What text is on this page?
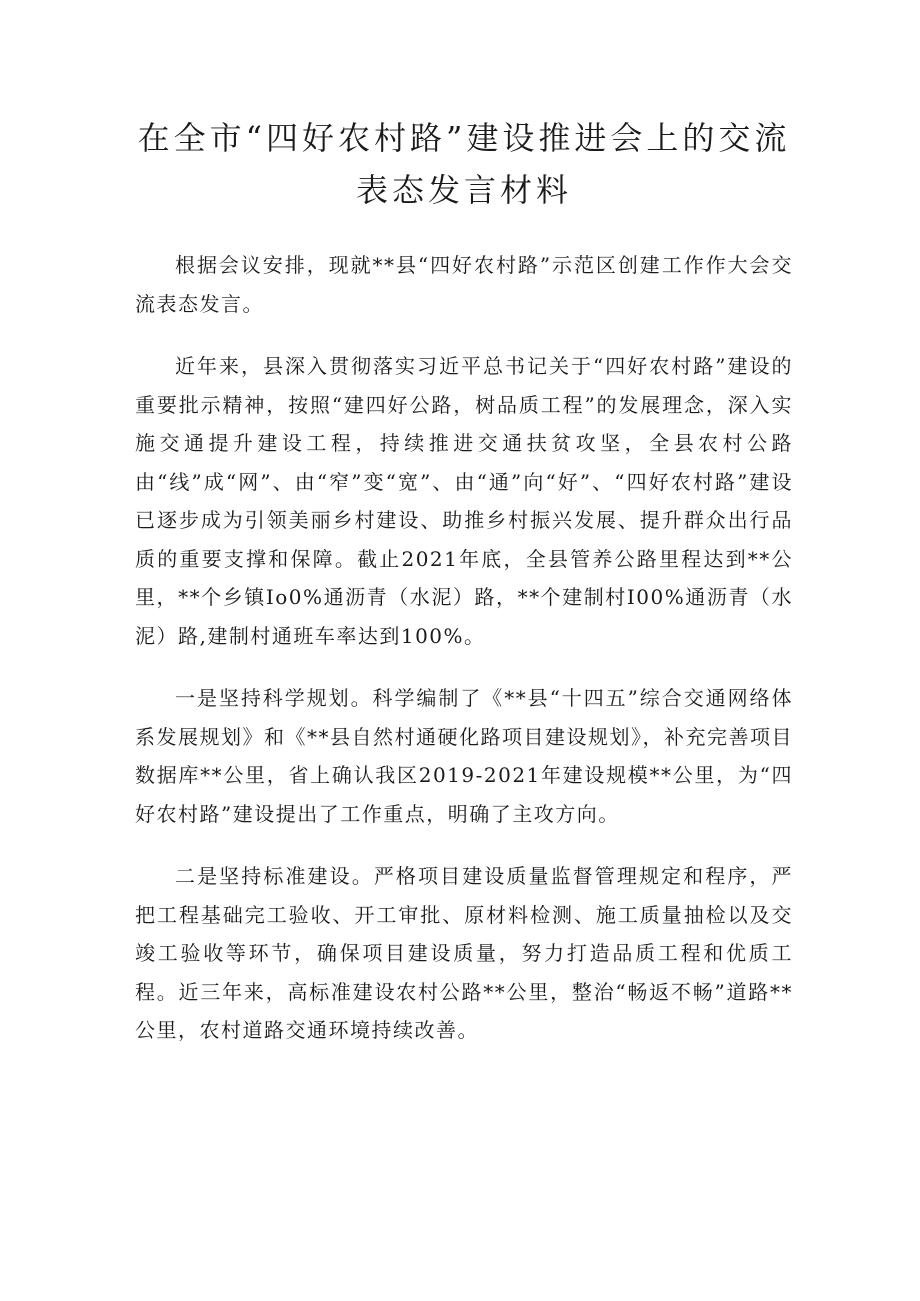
在全市“四好农村路”建设推进会上的交流
表态发言材料

根据会议安排，现就**县“四好农村路”示范区创建工作作大会交流表态发言。

近年来，县深入贯彻落实习近平总书记关于“四好农村路”建设的重要批示精神，按照“建四好公路，树品质工程”的发展理念，深入实施交通提升建设工程，持续推进交通扶贫攻坚，全县农村公路由“线”成“网”、由“窄”变“宽”、由“通”向“好”、“四好农村路”建设已逐步成为引领美丽乡村建设、助推乡村振兴发展、提升群众出行品质的重要支撑和保障。截止2021年底，全县管养公路里程达到**公里，**个乡镇Io0%通沥青（水泥）路，**个建制村I00%通沥青（水泥）路,建制村通班车率达到100%。

一是坚持科学规划。科学编制了《**县“十四五”综合交通网络体系发展规划》和《**县自然村通硬化路项目建设规划》，补充完善项目数据库**公里，省上确认我区2019-2021年建设规模**公里，为“四好农村路”建设提出了工作重点，明确了主攻方向。

二是坚持标准建设。严格项目建设质量监督管理规定和程序，严把工程基础完工验收、开工审批、原材料检测、施工质量抽检以及交竣工验收等环节，确保项目建设质量，努力打造品质工程和优质工程。近三年来，高标准建设农村公路**公里，整治“畅返不畅”道路**公里，农村道路交通环境持续改善。
